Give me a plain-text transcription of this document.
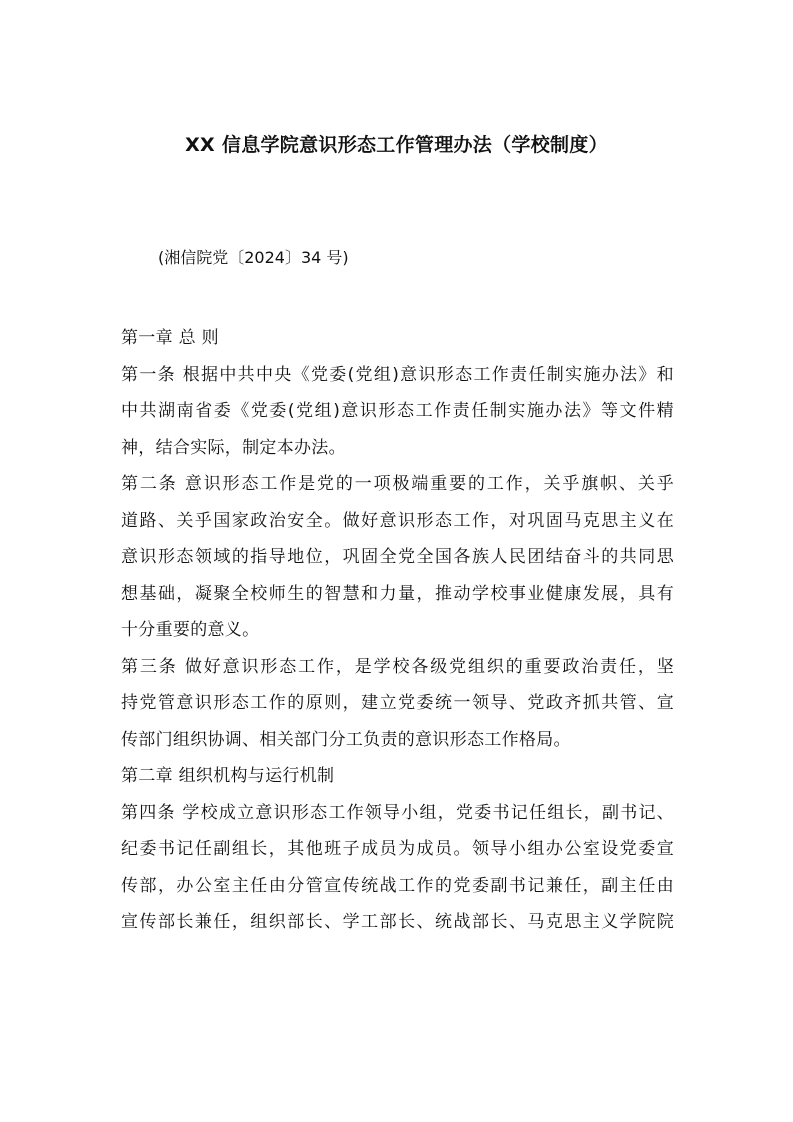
XX 信息学院意识形态工作管理办法（学校制度）
(湘信院党〔2024〕34 号)
第一章 总 则
第一条 根据中共中央《党委(党组)意识形态工作责任制实施办法》和
中共湖南省委《党委(党组)意识形态工作责任制实施办法》等文件精
神，结合实际，制定本办法。
第二条 意识形态工作是党的一项极端重要的工作，关乎旗帜、关乎
道路、关乎国家政治安全。做好意识形态工作，对巩固马克思主义在
意识形态领域的指导地位，巩固全党全国各族人民团结奋斗的共同思
想基础，凝聚全校师生的智慧和力量，推动学校事业健康发展，具有
十分重要的意义。
第三条 做好意识形态工作，是学校各级党组织的重要政治责任，坚
持党管意识形态工作的原则，建立党委统一领导、党政齐抓共管、宣
传部门组织协调、相关部门分工负责的意识形态工作格局。
第二章 组织机构与运行机制
第四条 学校成立意识形态工作领导小组，党委书记任组长，副书记、
纪委书记任副组长，其他班子成员为成员。领导小组办公室设党委宣
传部，办公室主任由分管宣传统战工作的党委副书记兼任，副主任由
宣传部长兼任，组织部长、学工部长、统战部长、马克思主义学院院
